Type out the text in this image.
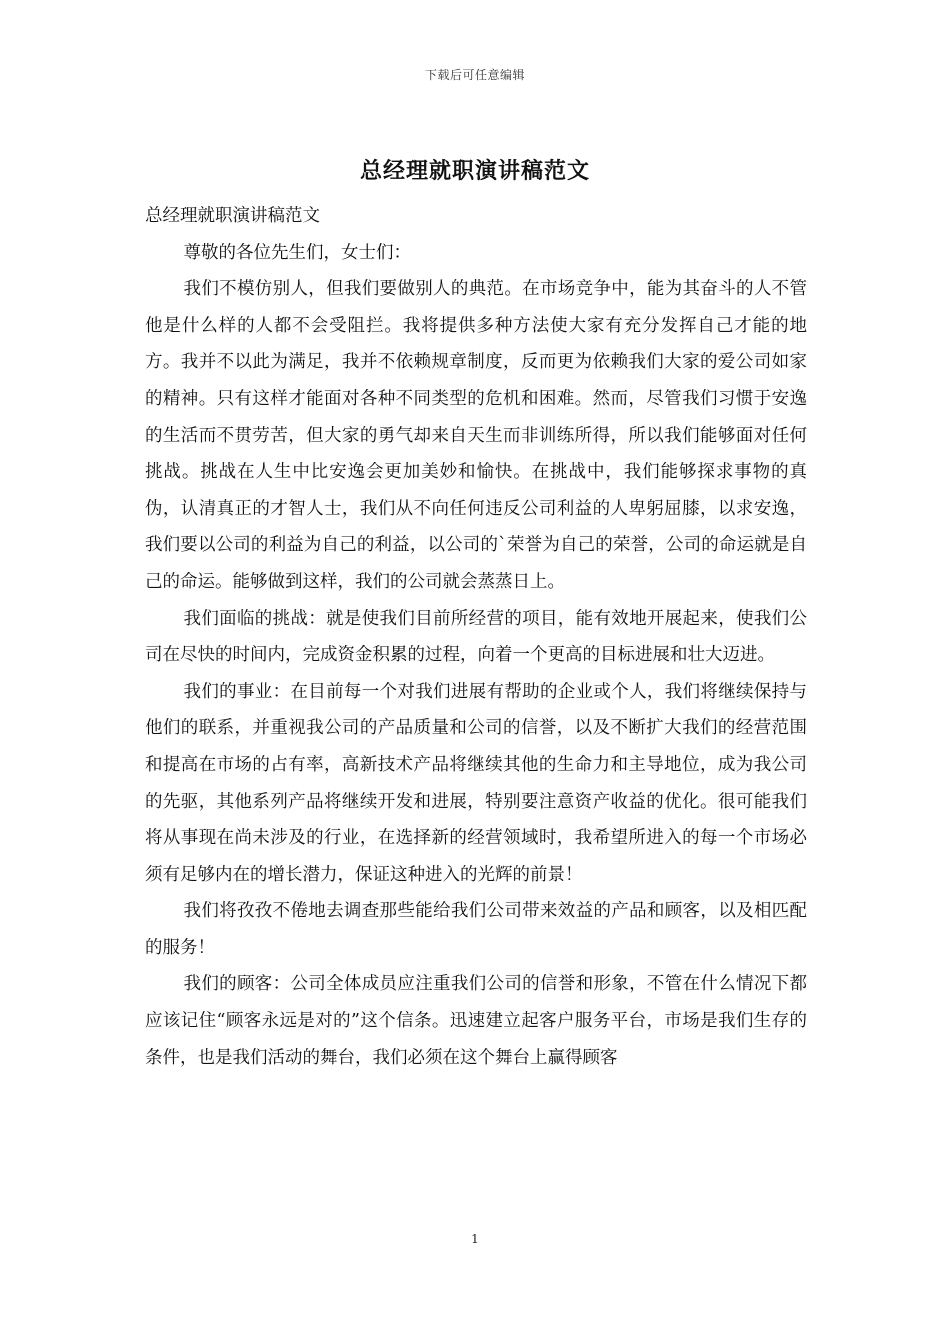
下载后可任意编辑
总经理就职演讲稿范文

总经理就职演讲稿范文

尊敬的各位先生们，女士们：

我们不模仿别人，但我们要做别人的典范。在市场竞争中，能为其奋斗的人不管他是什么样的人都不会受阻拦。我将提供多种方法使大家有充分发挥自己才能的地方。我并不以此为满足，我并不依赖规章制度，反而更为依赖我们大家的爱公司如家的精神。只有这样才能面对各种不同类型的危机和困难。然而，尽管我们习惯于安逸的生活而不贯劳苦，但大家的勇气却来自天生而非训练所得，所以我们能够面对任何挑战。挑战在人生中比安逸会更加美妙和愉快。在挑战中，我们能够探求事物的真伪，认清真正的才智人士，我们从不向任何违反公司利益的人卑躬屈膝，以求安逸，我们要以公司的利益为自己的利益，以公司的`荣誉为自己的荣誉，公司的命运就是自己的命运。能够做到这样，我们的公司就会蒸蒸日上。

我们面临的挑战：就是使我们目前所经营的项目，能有效地开展起来，使我们公司在尽快的时间内，完成资金积累的过程，向着一个更高的目标进展和壮大迈进。

我们的事业：在目前每一个对我们进展有帮助的企业或个人，我们将继续保持与他们的联系，并重视我公司的产品质量和公司的信誉，以及不断扩大我们的经营范围和提高在市场的占有率，高新技术产品将继续其他的生命力和主导地位，成为我公司的先驱，其他系列产品将继续开发和进展，特别要注意资产收益的优化。很可能我们将从事现在尚未涉及的行业，在选择新的经营领域时，我希望所进入的每一个市场必须有足够内在的增长潜力，保证这种进入的光辉的前景！

我们将孜孜不倦地去调查那些能给我们公司带来效益的产品和顾客，以及相匹配的服务！

我们的顾客：公司全体成员应注重我们公司的信誉和形象，不管在什么情况下都应该记住“顾客永远是对的”这个信条。迅速建立起客户服务平台，市场是我们生存的条件，也是我们活动的舞台，我们必须在这个舞台上赢得顾客

1
